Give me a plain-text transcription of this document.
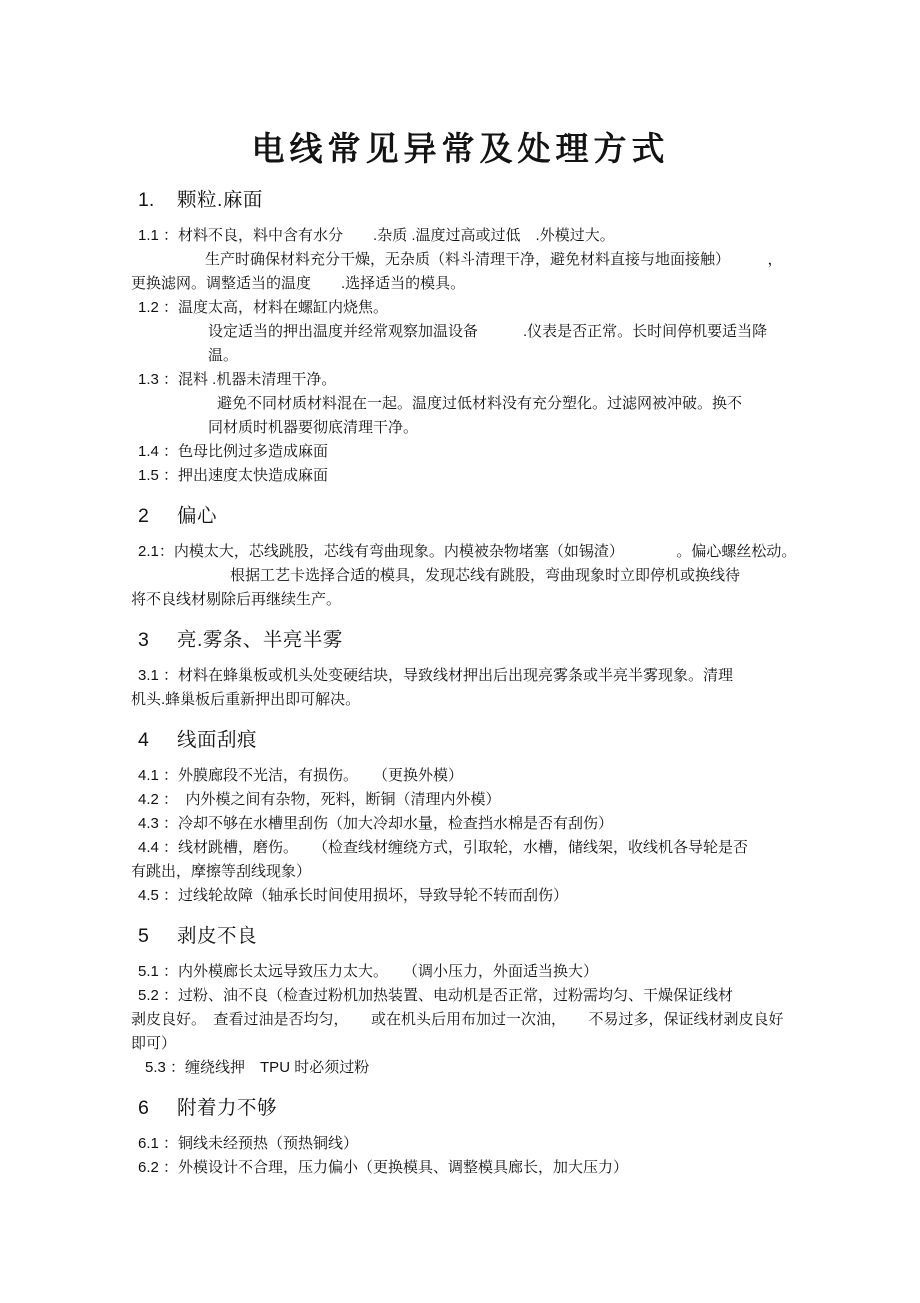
电线常见异常及处理方式
1. 颗粒.麻面
1.1 ：材料不良，料中含有水分　　.杂质 .温度过高或过低　.外模过大。
生产时确保材料充分干燥，无杂质（料斗清理干净，避免材料直接与地面接触）　　　，
更换滤网。调整适当的温度　　.选择适当的模具。
1.2 ：温度太高，材料在螺缸内烧焦。
设定适当的押出温度并经常观察加温设备　　　.仪表是否正常。长时间停机要适当降
温。
1.3 ：混料 .机器未清理干净。
避免不同材质材料混在一起。温度过低材料没有充分塑化。过滤网被冲破。换不
同材质时机器要彻底清理干净。
1.4 ：色母比例过多造成麻面
1.5 ：押出速度太快造成麻面
2 偏心
2.1：内模太大，芯线跳股，芯线有弯曲现象。内模被杂物堵塞（如锡渣）　　　　。偏心螺丝松动。
根据工艺卡选择合适的模具，发现芯线有跳股，弯曲现象时立即停机或换线待
将不良线材剔除后再继续生产。
3 亮.雾条、半亮半雾
3.1 ：材料在蜂巢板或机头处变硬结块，导致线材押出后出现亮雾条或半亮半雾现象。清理
机头.蜂巢板后重新押出即可解决。
4 线面刮痕
4.1 ：外膜廊段不光洁，有损伤。　　（更换外模）
4.2 ：　内外模之间有杂物，死料，断铜（清理内外模）
4.3 ：冷却不够在水槽里刮伤（加大冷却水量，检查挡水棉是否有刮伤）
4.4 ：线材跳槽，磨伤。　　（检查线材缠绕方式，引取轮，水槽，储线架，收线机各导轮是否
有跳出，摩擦等刮线现象）
4.5 ：过线轮故障（轴承长时间使用损坏，导致导轮不转而刮伤）
5 剥皮不良
5.1 ：内外模廊长太远导致压力太大。　　（调小压力，外面适当换大）
5.2 ：过粉、油不良（检查过粉机加热装置、电动机是否正常，过粉需均匀、干燥保证线材
剥皮良好。　查看过油是否均匀，　　或在机头后用布加过一次油，　　不易过多，保证线材剥皮良好
即可）
5.3 ：缠绕线押　TPU 时必须过粉
6 附着力不够
6.1 ：铜线未经预热（预热铜线）
6.2 ：外模设计不合理，压力偏小（更换模具、调整模具廊长，加大压力）
